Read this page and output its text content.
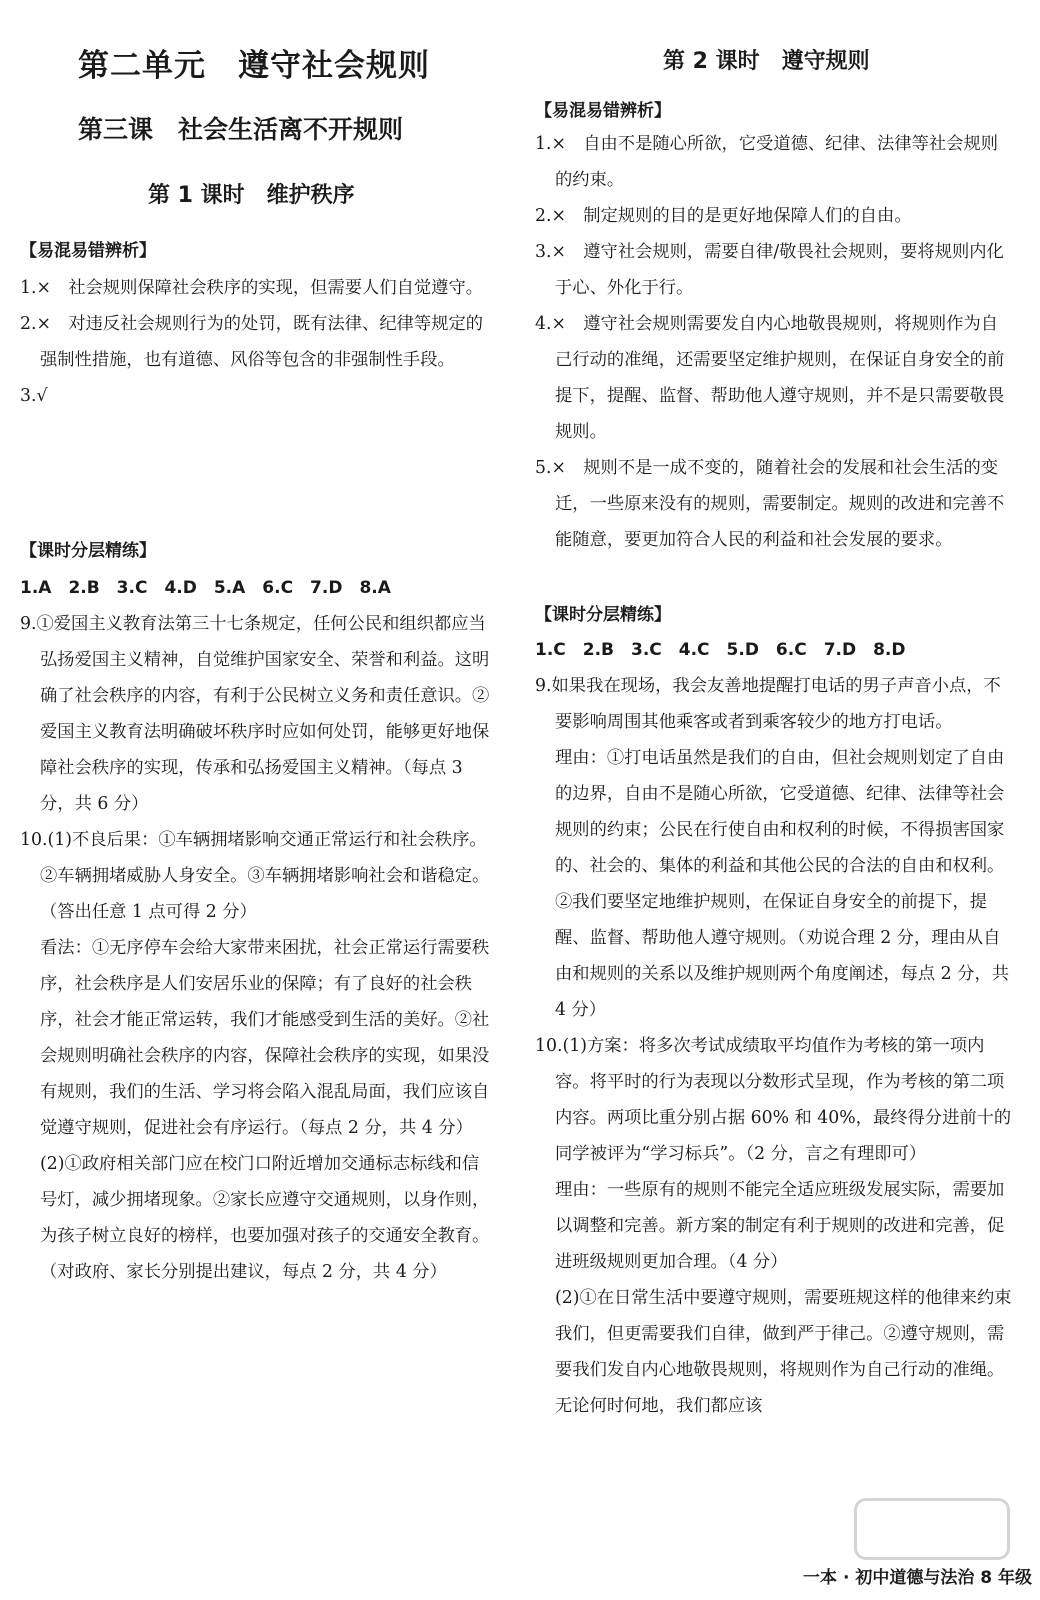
第二单元　遵守社会规则
第三课　社会生活离不开规则
第 1 课时　维护秩序
【易混易错辨析】
1.×　社会规则保障社会秩序的实现，但需要人们自觉遵守。
2.×　对违反社会规则行为的处罚，既有法律、纪律等规定的强制性措施，也有道德、风俗等包含的非强制性手段。
3.√
【课时分层精练】
1.A　2.B　3.C　4.D　5.A　6.C　7.D　8.A
9.①爱国主义教育法第三十七条规定，任何公民和组织都应当弘扬爱国主义精神，自觉维护国家安全、荣誉和利益。这明确了社会秩序的内容，有利于公民树立义务和责任意识。②爱国主义教育法明确破坏秩序时应如何处罚，能够更好地保障社会秩序的实现，传承和弘扬爱国主义精神。（每点 3 分，共 6 分）
10.(1)不良后果：①车辆拥堵影响交通正常运行和社会秩序。②车辆拥堵威胁人身安全。③车辆拥堵影响社会和谐稳定。（答出任意 1 点可得 2 分）
看法：①无序停车会给大家带来困扰，社会正常运行需要秩序，社会秩序是人们安居乐业的保障；有了良好的社会秩序，社会才能正常运转，我们才能感受到生活的美好。②社会规则明确社会秩序的内容，保障社会秩序的实现，如果没有规则，我们的生活、学习将会陷入混乱局面，我们应该自觉遵守规则，促进社会有序运行。（每点 2 分，共 4 分）
(2)①政府相关部门应在校门口附近增加交通标志标线和信号灯，减少拥堵现象。②家长应遵守交通规则，以身作则，为孩子树立良好的榜样，也要加强对孩子的交通安全教育。（对政府、家长分别提出建议，每点 2 分，共 4 分）
第 2 课时　遵守规则
【易混易错辨析】
1.×　自由不是随心所欲，它受道德、纪律、法律等社会规则的约束。
2.×　制定规则的目的是更好地保障人们的自由。
3.×　遵守社会规则，需要自律/敬畏社会规则，要将规则内化于心、外化于行。
4.×　遵守社会规则需要发自内心地敬畏规则，将规则作为自己行动的准绳，还需要坚定维护规则，在保证自身安全的前提下，提醒、监督、帮助他人遵守规则，并不是只需要敬畏规则。
5.×　规则不是一成不变的，随着社会的发展和社会生活的变迁，一些原来没有的规则，需要制定。规则的改进和完善不能随意，要更加符合人民的利益和社会发展的要求。
【课时分层精练】
1.C　2.B　3.C　4.C　5.D　6.C　7.D　8.D
9.如果我在现场，我会友善地提醒打电话的男子声音小点，不要影响周围其他乘客或者到乘客较少的地方打电话。
理由：①打电话虽然是我们的自由，但社会规则划定了自由的边界，自由不是随心所欲，它受道德、纪律、法律等社会规则的约束；公民在行使自由和权利的时候，不得损害国家的、社会的、集体的利益和其他公民的合法的自由和权利。②我们要坚定地维护规则，在保证自身安全的前提下，提醒、监督、帮助他人遵守规则。（劝说合理 2 分，理由从自由和规则的关系以及维护规则两个角度阐述，每点 2 分，共 4 分）
10.(1)方案：将多次考试成绩取平均值作为考核的第一项内容。将平时的行为表现以分数形式呈现，作为考核的第二项内容。两项比重分别占据 60% 和 40%，最终得分进前十的同学被评为“学习标兵”。（2 分，言之有理即可）
理由：一些原有的规则不能完全适应班级发展实际，需要加以调整和完善。新方案的制定有利于规则的改进和完善，促进班级规则更加合理。（4 分）
(2)①在日常生活中要遵守规则，需要班规这样的他律来约束我们，但更需要我们自律，做到严于律己。②遵守规则，需要我们发自内心地敬畏规则，将规则作为自己行动的准绳。无论何时何地，我们都应该
一本 · 初中道德与法治 8 年级
